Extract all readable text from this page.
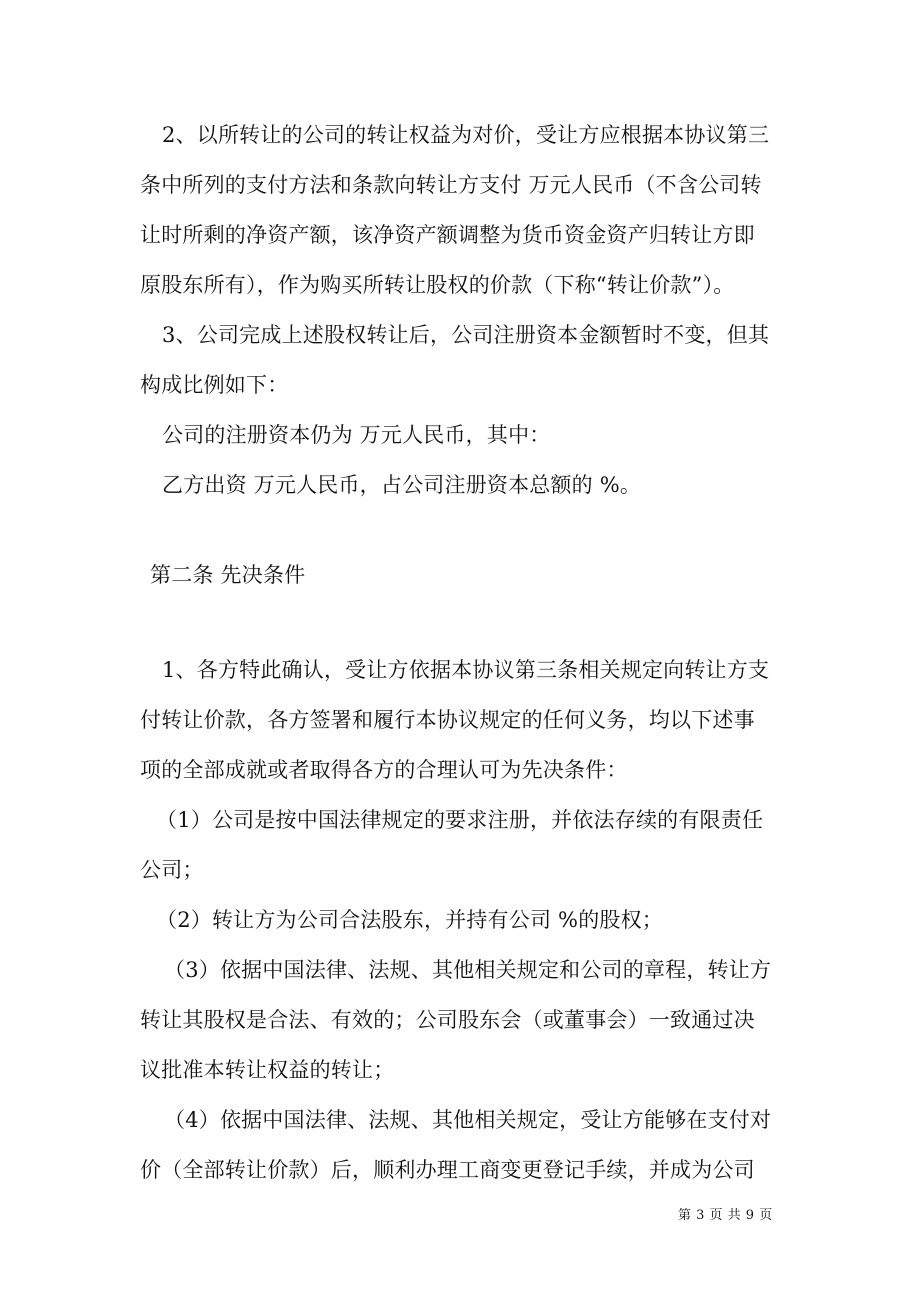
2、以所转让的公司的转让权益为对价，受让方应根据本协议第三
条中所列的支付方法和条款向转让方支付 万元人民币（不含公司转
让时所剩的净资产额，该净资产额调整为货币资金资产归转让方即
原股东所有），作为购买所转让股权的价款（下称“转让价款”）。
3、公司完成上述股权转让后，公司注册资本金额暂时不变，但其
构成比例如下：
公司的注册资本仍为 万元人民币，其中：
乙方出资 万元人民币，占公司注册资本总额的 %。
第二条 先决条件
1、各方特此确认，受让方依据本协议第三条相关规定向转让方支
付转让价款，各方签署和履行本协议规定的任何义务，均以下述事
项的全部成就或者取得各方的合理认可为先决条件：
（1）公司是按中国法律规定的要求注册，并依法存续的有限责任
公司；
（2）转让方为公司合法股东，并持有公司 %的股权；
（3）依据中国法律、法规、其他相关规定和公司的章程，转让方
转让其股权是合法、有效的；公司股东会（或董事会）一致通过决
议批准本转让权益的转让；
（4）依据中国法律、法规、其他相关规定，受让方能够在支付对
价（全部转让价款）后，顺利办理工商变更登记手续，并成为公司
第 3 页 共 9 页
